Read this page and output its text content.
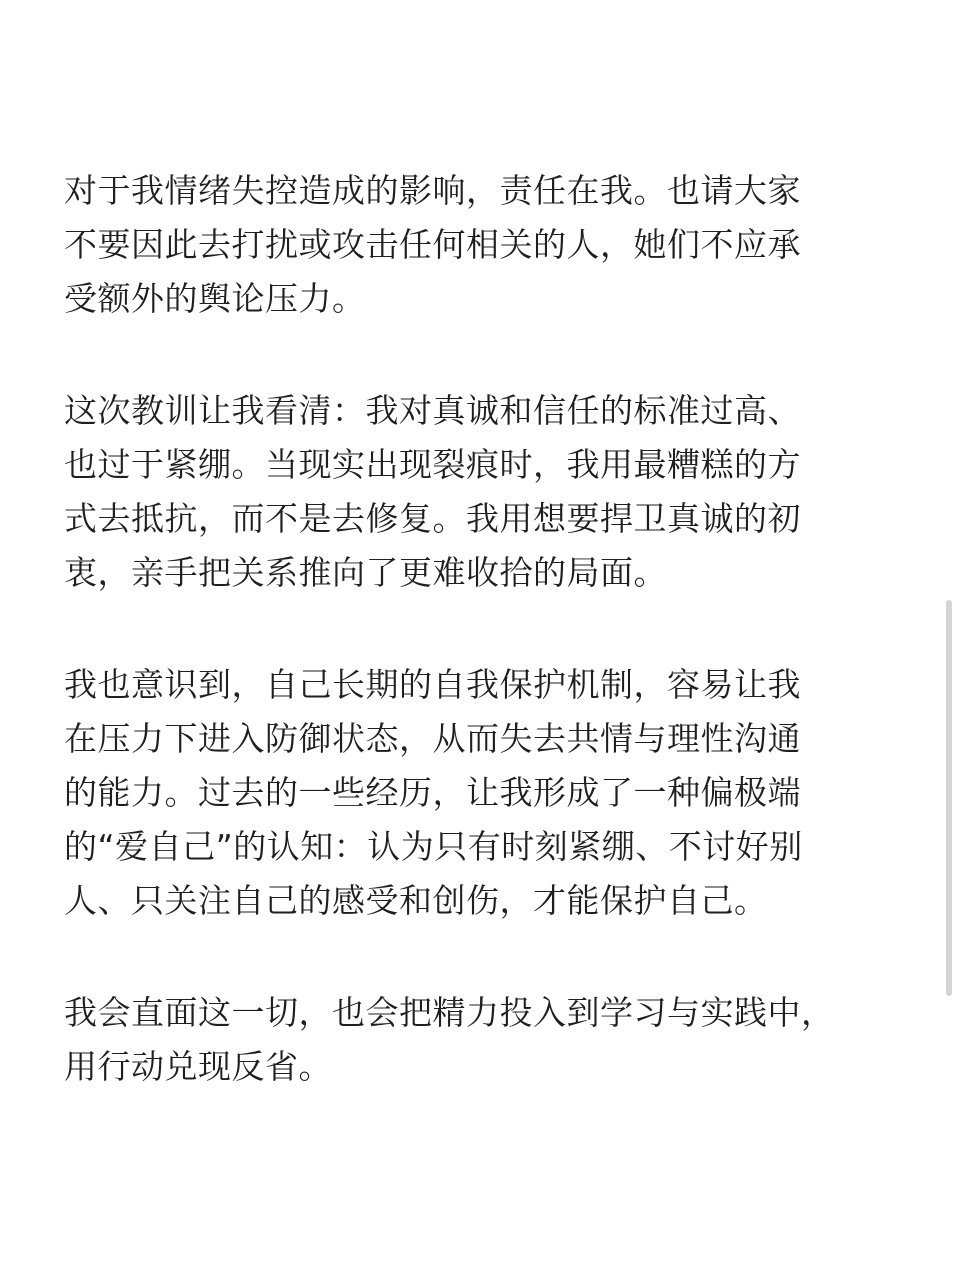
对于我情绪失控造成的影响，责任在我。也请大家
不要因此去打扰或攻击任何相关的人，她们不应承
受额外的舆论压力。

这次教训让我看清：我对真诚和信任的标准过高、
也过于紧绷。当现实出现裂痕时，我用最糟糕的方
式去抵抗，而不是去修复。我用想要捍卫真诚的初
衷，亲手把关系推向了更难收拾的局面。

我也意识到，自己长期的自我保护机制，容易让我
在压力下进入防御状态，从而失去共情与理性沟通
的能力。过去的一些经历，让我形成了一种偏极端
的“爱自己”的认知：认为只有时刻紧绷、不讨好别
人、只关注自己的感受和创伤，才能保护自己。

我会直面这一切，也会把精力投入到学习与实践中，
用行动兑现反省。
